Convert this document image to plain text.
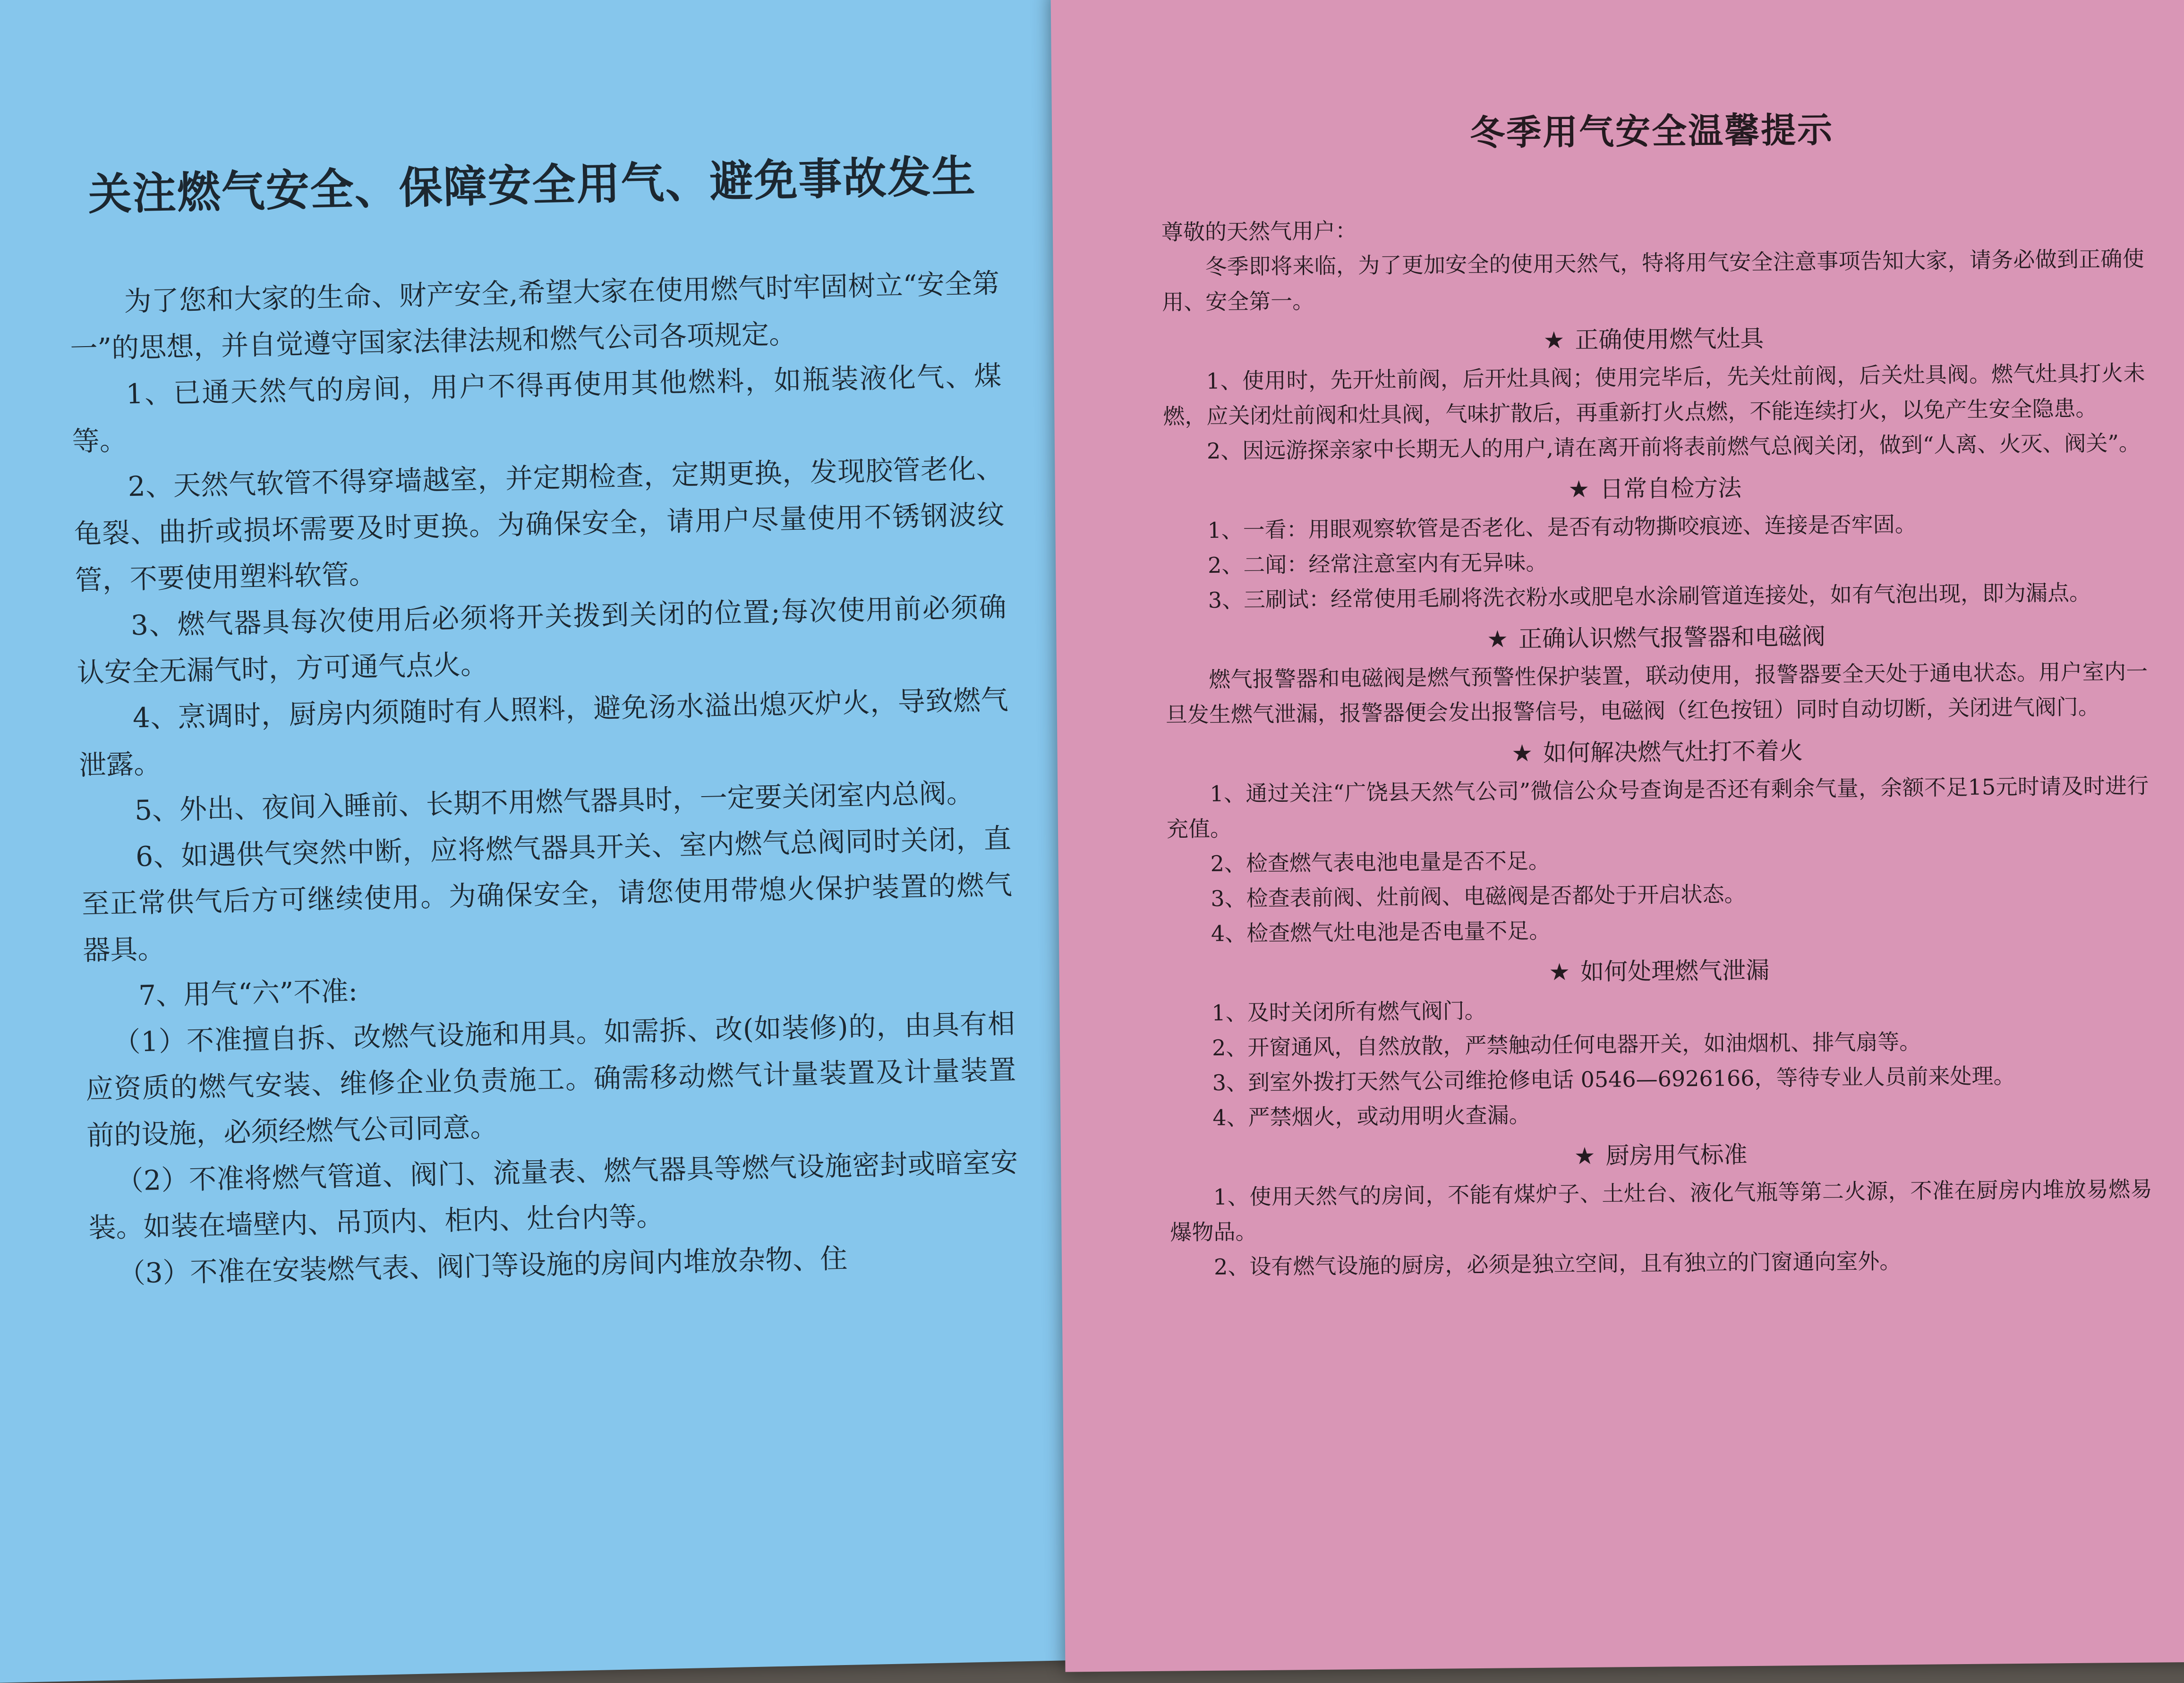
关注燃气安全、保障安全用气、避免事故发生

为了您和大家的生命、财产安全,希望大家在使用燃气时牢固树立“安全第一”的思想，并自觉遵守国家法律法规和燃气公司各项规定。

1、已通天然气的房间，用户不得再使用其他燃料，如瓶装液化气、煤等。

2、天然气软管不得穿墙越室，并定期检查，定期更换，发现胶管老化、龟裂、曲折或损坏需要及时更换。为确保安全，请用户尽量使用不锈钢波纹管，不要使用塑料软管。

3、燃气器具每次使用后必须将开关拨到关闭的位置;每次使用前必须确认安全无漏气时，方可通气点火。

4、烹调时，厨房内须随时有人照料，避免汤水溢出熄灭炉火，导致燃气泄露。

5、外出、夜间入睡前、长期不用燃气器具时，一定要关闭室内总阀。

6、如遇供气突然中断，应将燃气器具开关、室内燃气总阀同时关闭，直至正常供气后方可继续使用。为确保安全，请您使用带熄火保护装置的燃气器具。

7、用气“六”不准:

（1）不准擅自拆、改燃气设施和用具。如需拆、改(如装修)的，由具有相应资质的燃气安装、维修企业负责施工。确需移动燃气计量装置及计量装置前的设施，必须经燃气公司同意。

（2）不准将燃气管道、阀门、流量表、燃气器具等燃气设施密封或暗室安装。如装在墙壁内、吊顶内、柜内、灶台内等。

（3）不准在安装燃气表、阀门等设施的房间内堆放杂物、住

冬季用气安全温馨提示

尊敬的天然气用户：

冬季即将来临，为了更加安全的使用天然气，特将用气安全注意事项告知大家，请务必做到正确使用、安全第一。

★ 正确使用燃气灶具

1、使用时，先开灶前阀，后开灶具阀；使用完毕后，先关灶前阀，后关灶具阀。燃气灶具打火未燃，应关闭灶前阀和灶具阀，气味扩散后，再重新打火点燃，不能连续打火，以免产生安全隐患。

2、因远游探亲家中长期无人的用户,请在离开前将表前燃气总阀关闭，做到“人离、火灭、阀关”。

★ 日常自检方法

1、一看：用眼观察软管是否老化、是否有动物撕咬痕迹、连接是否牢固。

2、二闻：经常注意室内有无异味。

3、三刷试：经常使用毛刷将洗衣粉水或肥皂水涂刷管道连接处，如有气泡出现，即为漏点。

★ 正确认识燃气报警器和电磁阀

燃气报警器和电磁阀是燃气预警性保护装置，联动使用，报警器要全天处于通电状态。用户室内一旦发生燃气泄漏，报警器便会发出报警信号，电磁阀（红色按钮）同时自动切断，关闭进气阀门。

★ 如何解决燃气灶打不着火

1、通过关注“广饶县天然气公司”微信公众号查询是否还有剩余气量，余额不足15元时请及时进行充值。

2、检查燃气表电池电量是否不足。

3、检查表前阀、灶前阀、电磁阀是否都处于开启状态。

4、检查燃气灶电池是否电量不足。

★ 如何处理燃气泄漏

1、及时关闭所有燃气阀门。

2、开窗通风，自然放散，严禁触动任何电器开关，如油烟机、排气扇等。

3、到室外拨打天然气公司维抢修电话 0546—6926166，等待专业人员前来处理。

4、严禁烟火，或动用明火查漏。

★ 厨房用气标准

1、使用天然气的房间，不能有煤炉子、土灶台、液化气瓶等第二火源，不准在厨房内堆放易燃易爆物品。

2、设有燃气设施的厨房，必须是独立空间，且有独立的门窗通向室外。
